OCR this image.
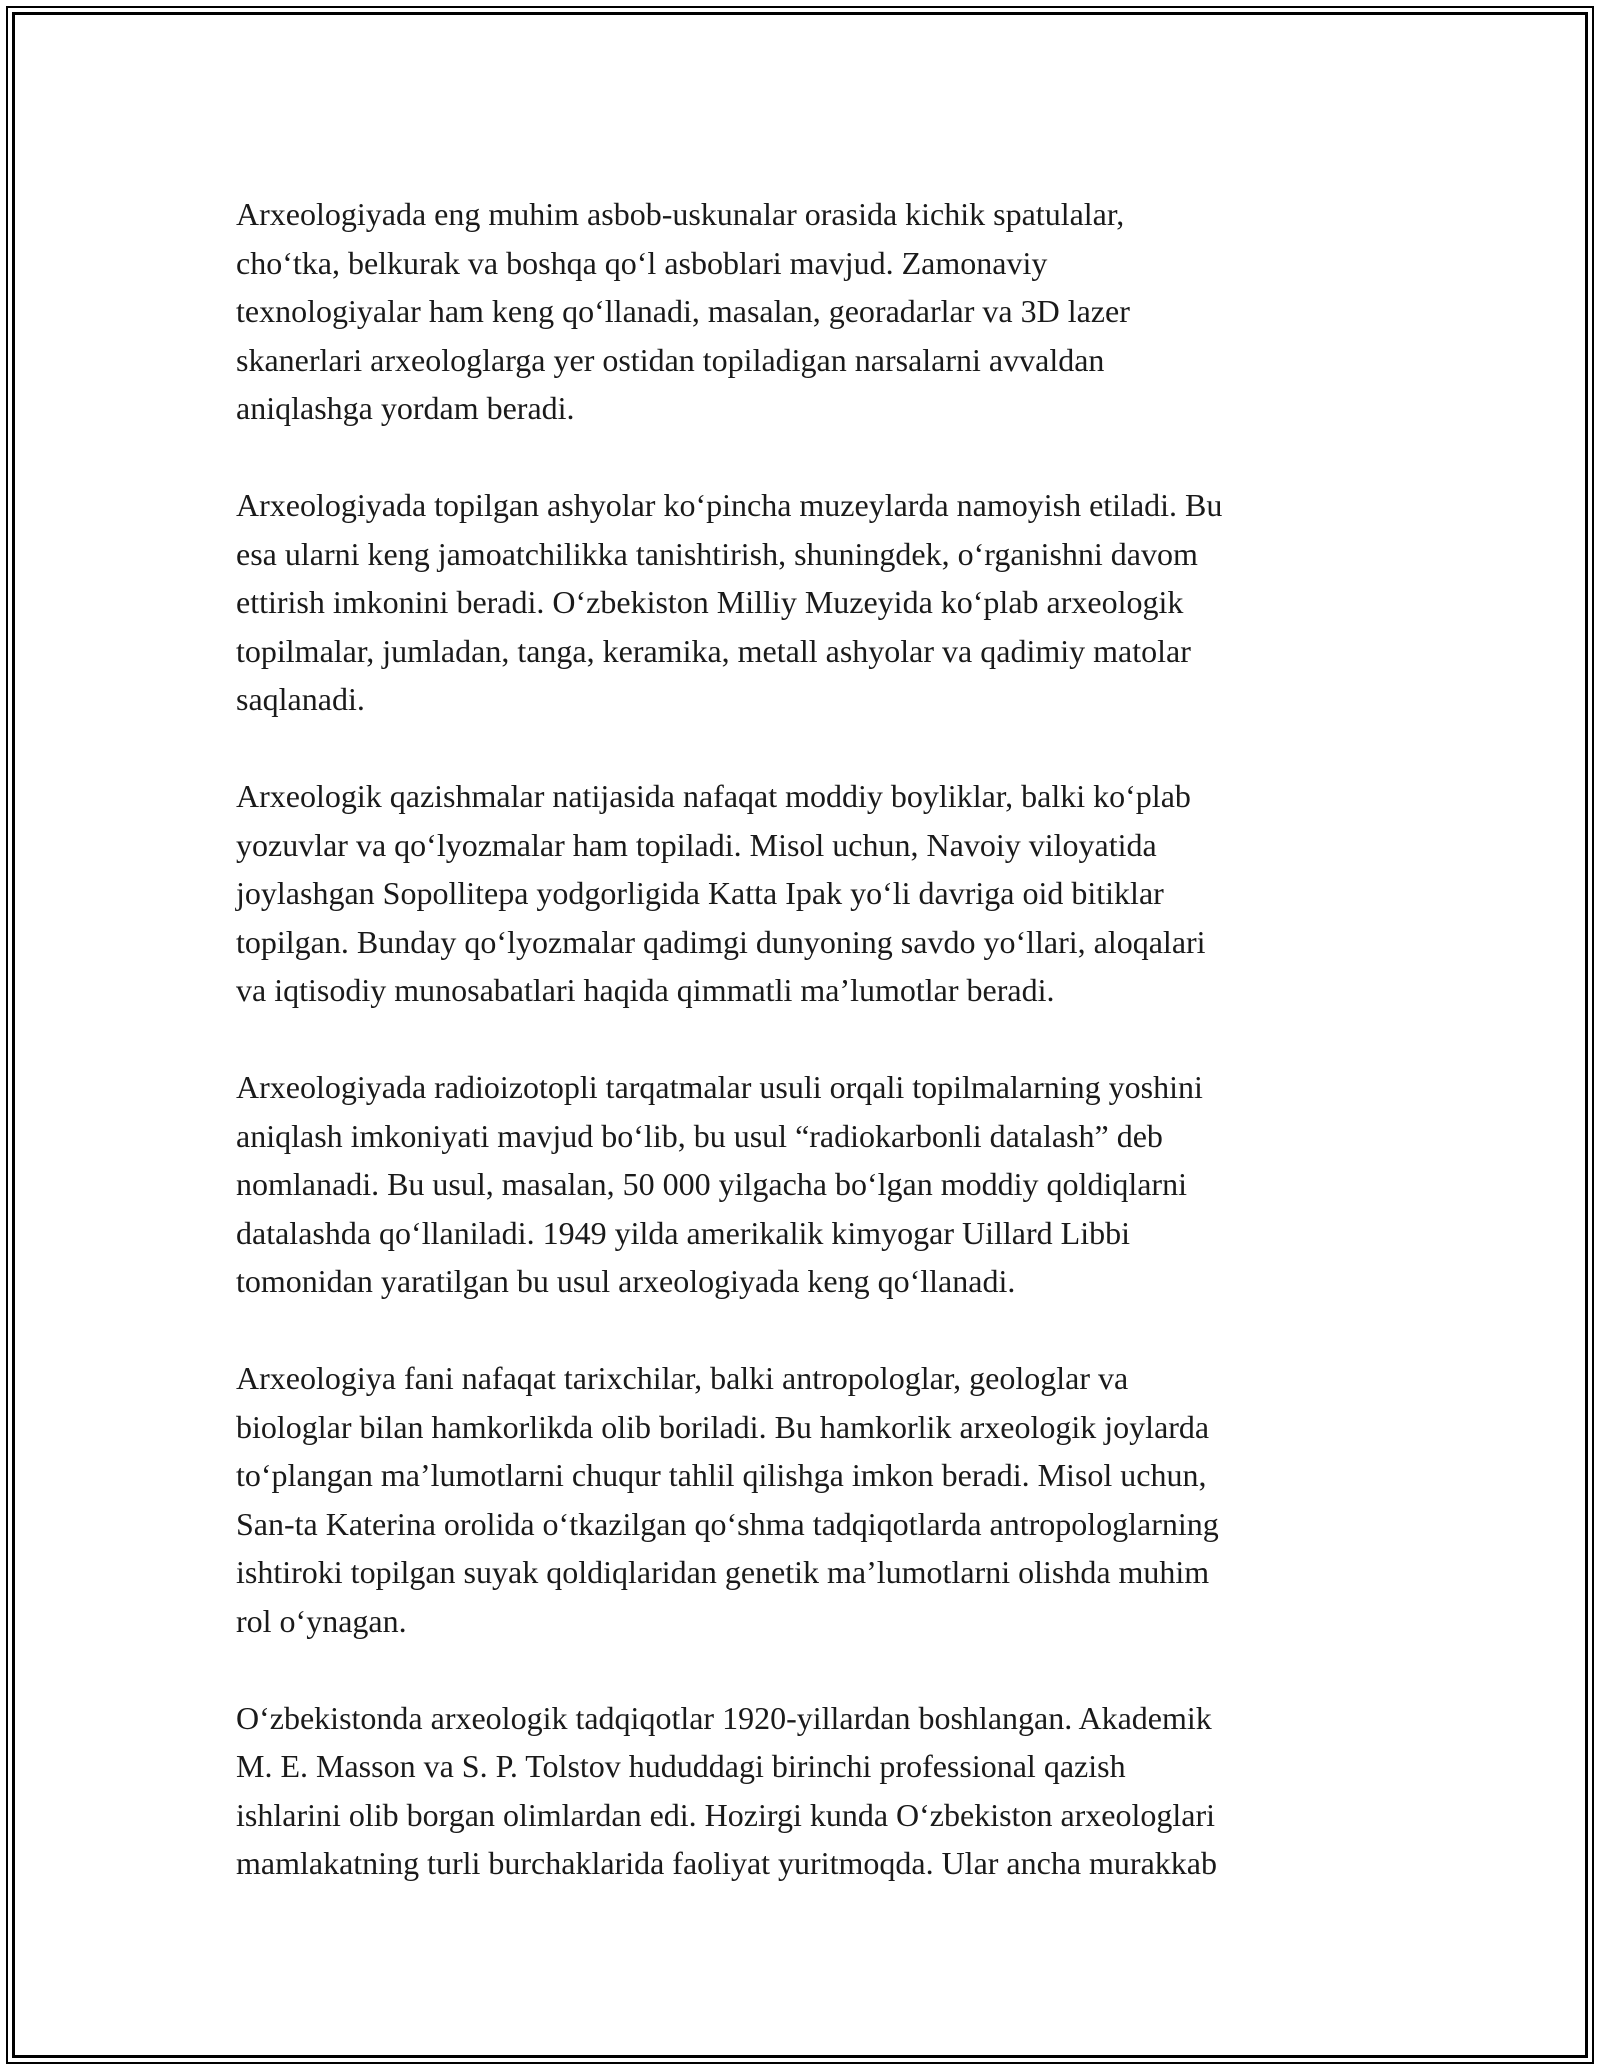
Arxeologiyada eng muhim asbob-uskunalar orasida kichik spatulalar,
cho‘tka, belkurak va boshqa qo‘l asboblari mavjud. Zamonaviy
texnologiyalar ham keng qo‘llanadi, masalan, georadarlar va 3D lazer
skanerlari arxeologlarga yer ostidan topiladigan narsalarni avvaldan
aniqlashga yordam beradi.

Arxeologiyada topilgan ashyolar ko‘pincha muzeylarda namoyish etiladi. Bu
esa ularni keng jamoatchilikka tanishtirish, shuningdek, o‘rganishni davom
ettirish imkonini beradi. O‘zbekiston Milliy Muzeyida ko‘plab arxeologik
topilmalar, jumladan, tanga, keramika, metall ashyolar va qadimiy matolar
saqlanadi.

Arxeologik qazishmalar natijasida nafaqat moddiy boyliklar, balki ko‘plab
yozuvlar va qo‘lyozmalar ham topiladi. Misol uchun, Navoiy viloyatida
joylashgan Sopollitepa yodgorligida Katta Ipak yo‘li davriga oid bitiklar
topilgan. Bunday qo‘lyozmalar qadimgi dunyoning savdo yo‘llari, aloqalari
va iqtisodiy munosabatlari haqida qimmatli ma’lumotlar beradi.

Arxeologiyada radioizotopli tarqatmalar usuli orqali topilmalarning yoshini
aniqlash imkoniyati mavjud bo‘lib, bu usul “radiokarbonli datalash” deb
nomlanadi. Bu usul, masalan, 50 000 yilgacha bo‘lgan moddiy qoldiqlarni
datalashda qo‘llaniladi. 1949 yilda amerikalik kimyogar Uillard Libbi
tomonidan yaratilgan bu usul arxeologiyada keng qo‘llanadi.

Arxeologiya fani nafaqat tarixchilar, balki antropologlar, geologlar va
biologlar bilan hamkorlikda olib boriladi. Bu hamkorlik arxeologik joylarda
to‘plangan ma’lumotlarni chuqur tahlil qilishga imkon beradi. Misol uchun,
San-ta Katerina orolida o‘tkazilgan qo‘shma tadqiqotlarda antropologlarning
ishtiroki topilgan suyak qoldiqlaridan genetik ma’lumotlarni olishda muhim
rol o‘ynagan.

O‘zbekistonda arxeologik tadqiqotlar 1920-yillardan boshlangan. Akademik
M. E. Masson va S. P. Tolstov hududdagi birinchi professional qazish
ishlarini olib borgan olimlardan edi. Hozirgi kunda O‘zbekiston arxeologlari
mamlakatning turli burchaklarida faoliyat yuritmoqda. Ular ancha murakkab
